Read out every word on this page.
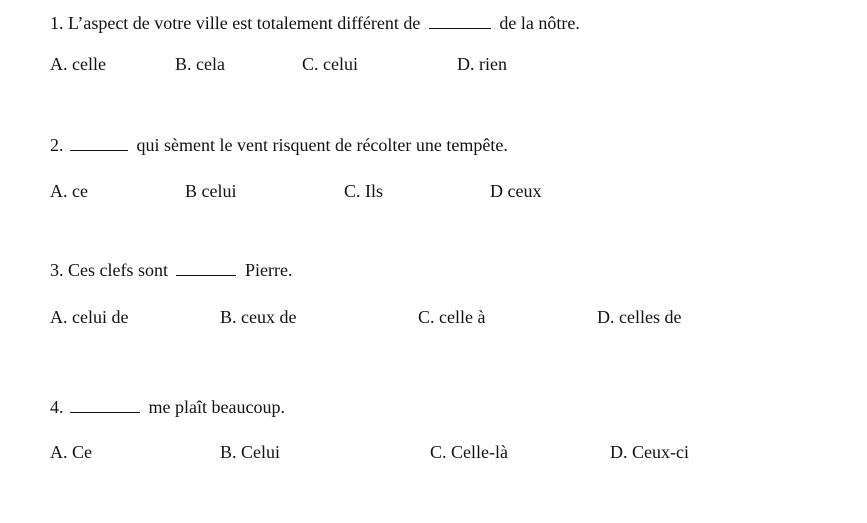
1. L’aspect de votre ville est totalement différent de	de la nôtre.
A. celle	B. cela	C. celui	D. rien
2.	qui sèment le vent risquent de récolter une tempête.
A. ce	B celui	C. Ils	D ceux
3. Ces clefs sont	Pierre.
A. celui de	B. ceux de	C. celle à	D. celles de
4.	me plaît beaucoup.
A. Ce	B. Celui	C. Celle-là	D. Ceux-ci
